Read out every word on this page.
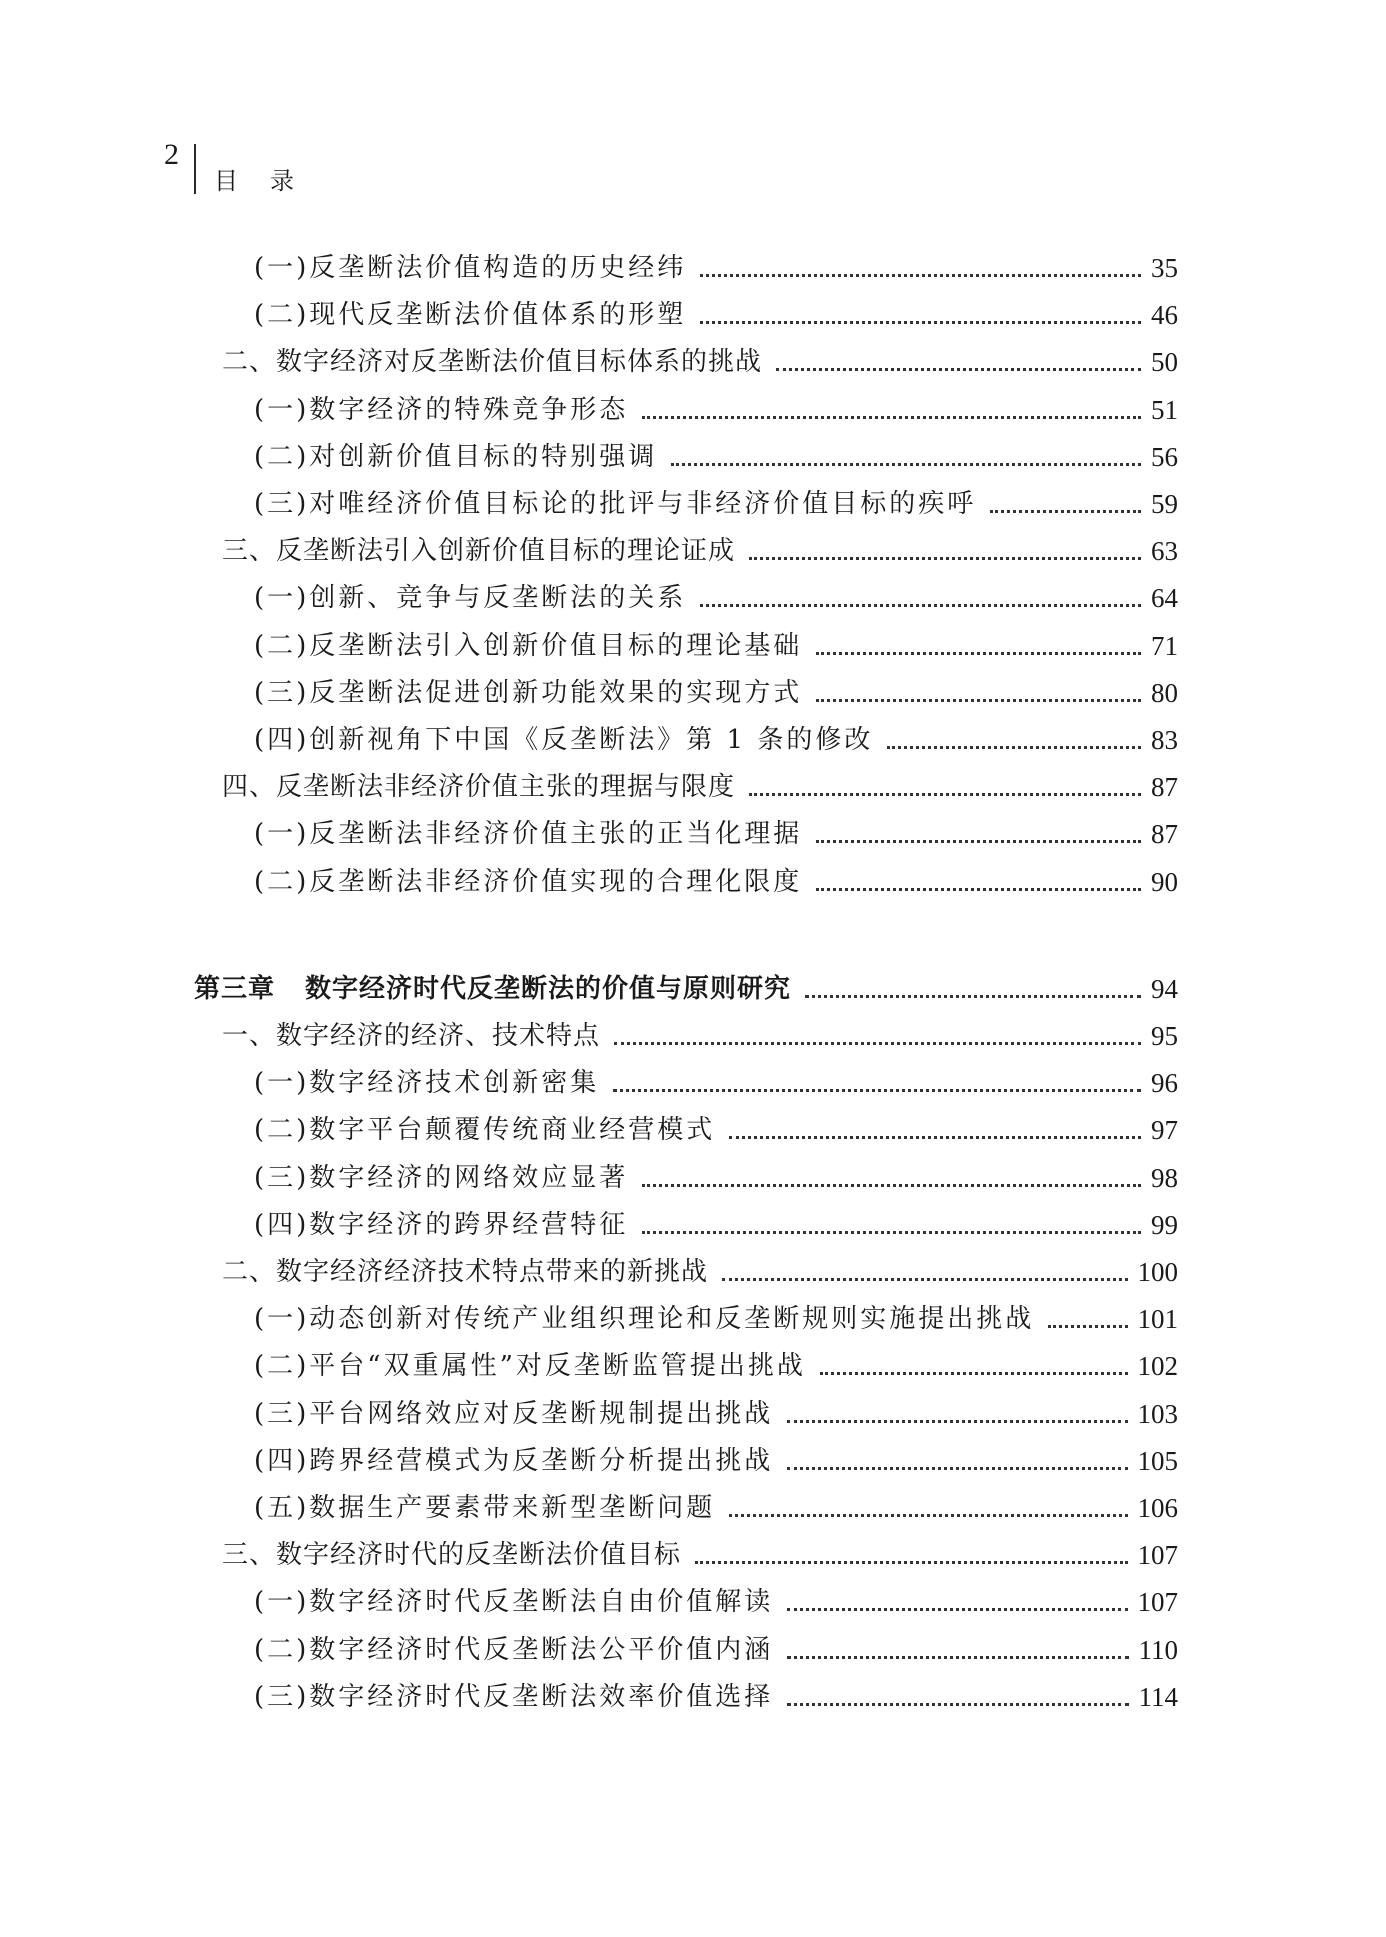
2
目录
(一)反垄断法价值构造的历史经纬	35
(二)现代反垄断法价值体系的形塑	46
二、数字经济对反垄断法价值目标体系的挑战	50
(一)数字经济的特殊竞争形态	51
(二)对创新价值目标的特别强调	56
(三)对唯经济价值目标论的批评与非经济价值目标的疾呼	59
三、反垄断法引入创新价值目标的理论证成	63
(一)创新、竞争与反垄断法的关系	64
(二)反垄断法引入创新价值目标的理论基础	71
(三)反垄断法促进创新功能效果的实现方式	80
(四)创新视角下中国《反垄断法》第 1 条的修改	83
四、反垄断法非经济价值主张的理据与限度	87
(一)反垄断法非经济价值主张的正当化理据	87
(二)反垄断法非经济价值实现的合理化限度	90
第三章 数字经济时代反垄断法的价值与原则研究	94
一、数字经济的经济、技术特点	95
(一)数字经济技术创新密集	96
(二)数字平台颠覆传统商业经营模式	97
(三)数字经济的网络效应显著	98
(四)数字经济的跨界经营特征	99
二、数字经济经济技术特点带来的新挑战	100
(一)动态创新对传统产业组织理论和反垄断规则实施提出挑战	101
(二)平台“双重属性”对反垄断监管提出挑战	102
(三)平台网络效应对反垄断规制提出挑战	103
(四)跨界经营模式为反垄断分析提出挑战	105
(五)数据生产要素带来新型垄断问题	106
三、数字经济时代的反垄断法价值目标	107
(一)数字经济时代反垄断法自由价值解读	107
(二)数字经济时代反垄断法公平价值内涵	110
(三)数字经济时代反垄断法效率价值选择	114
